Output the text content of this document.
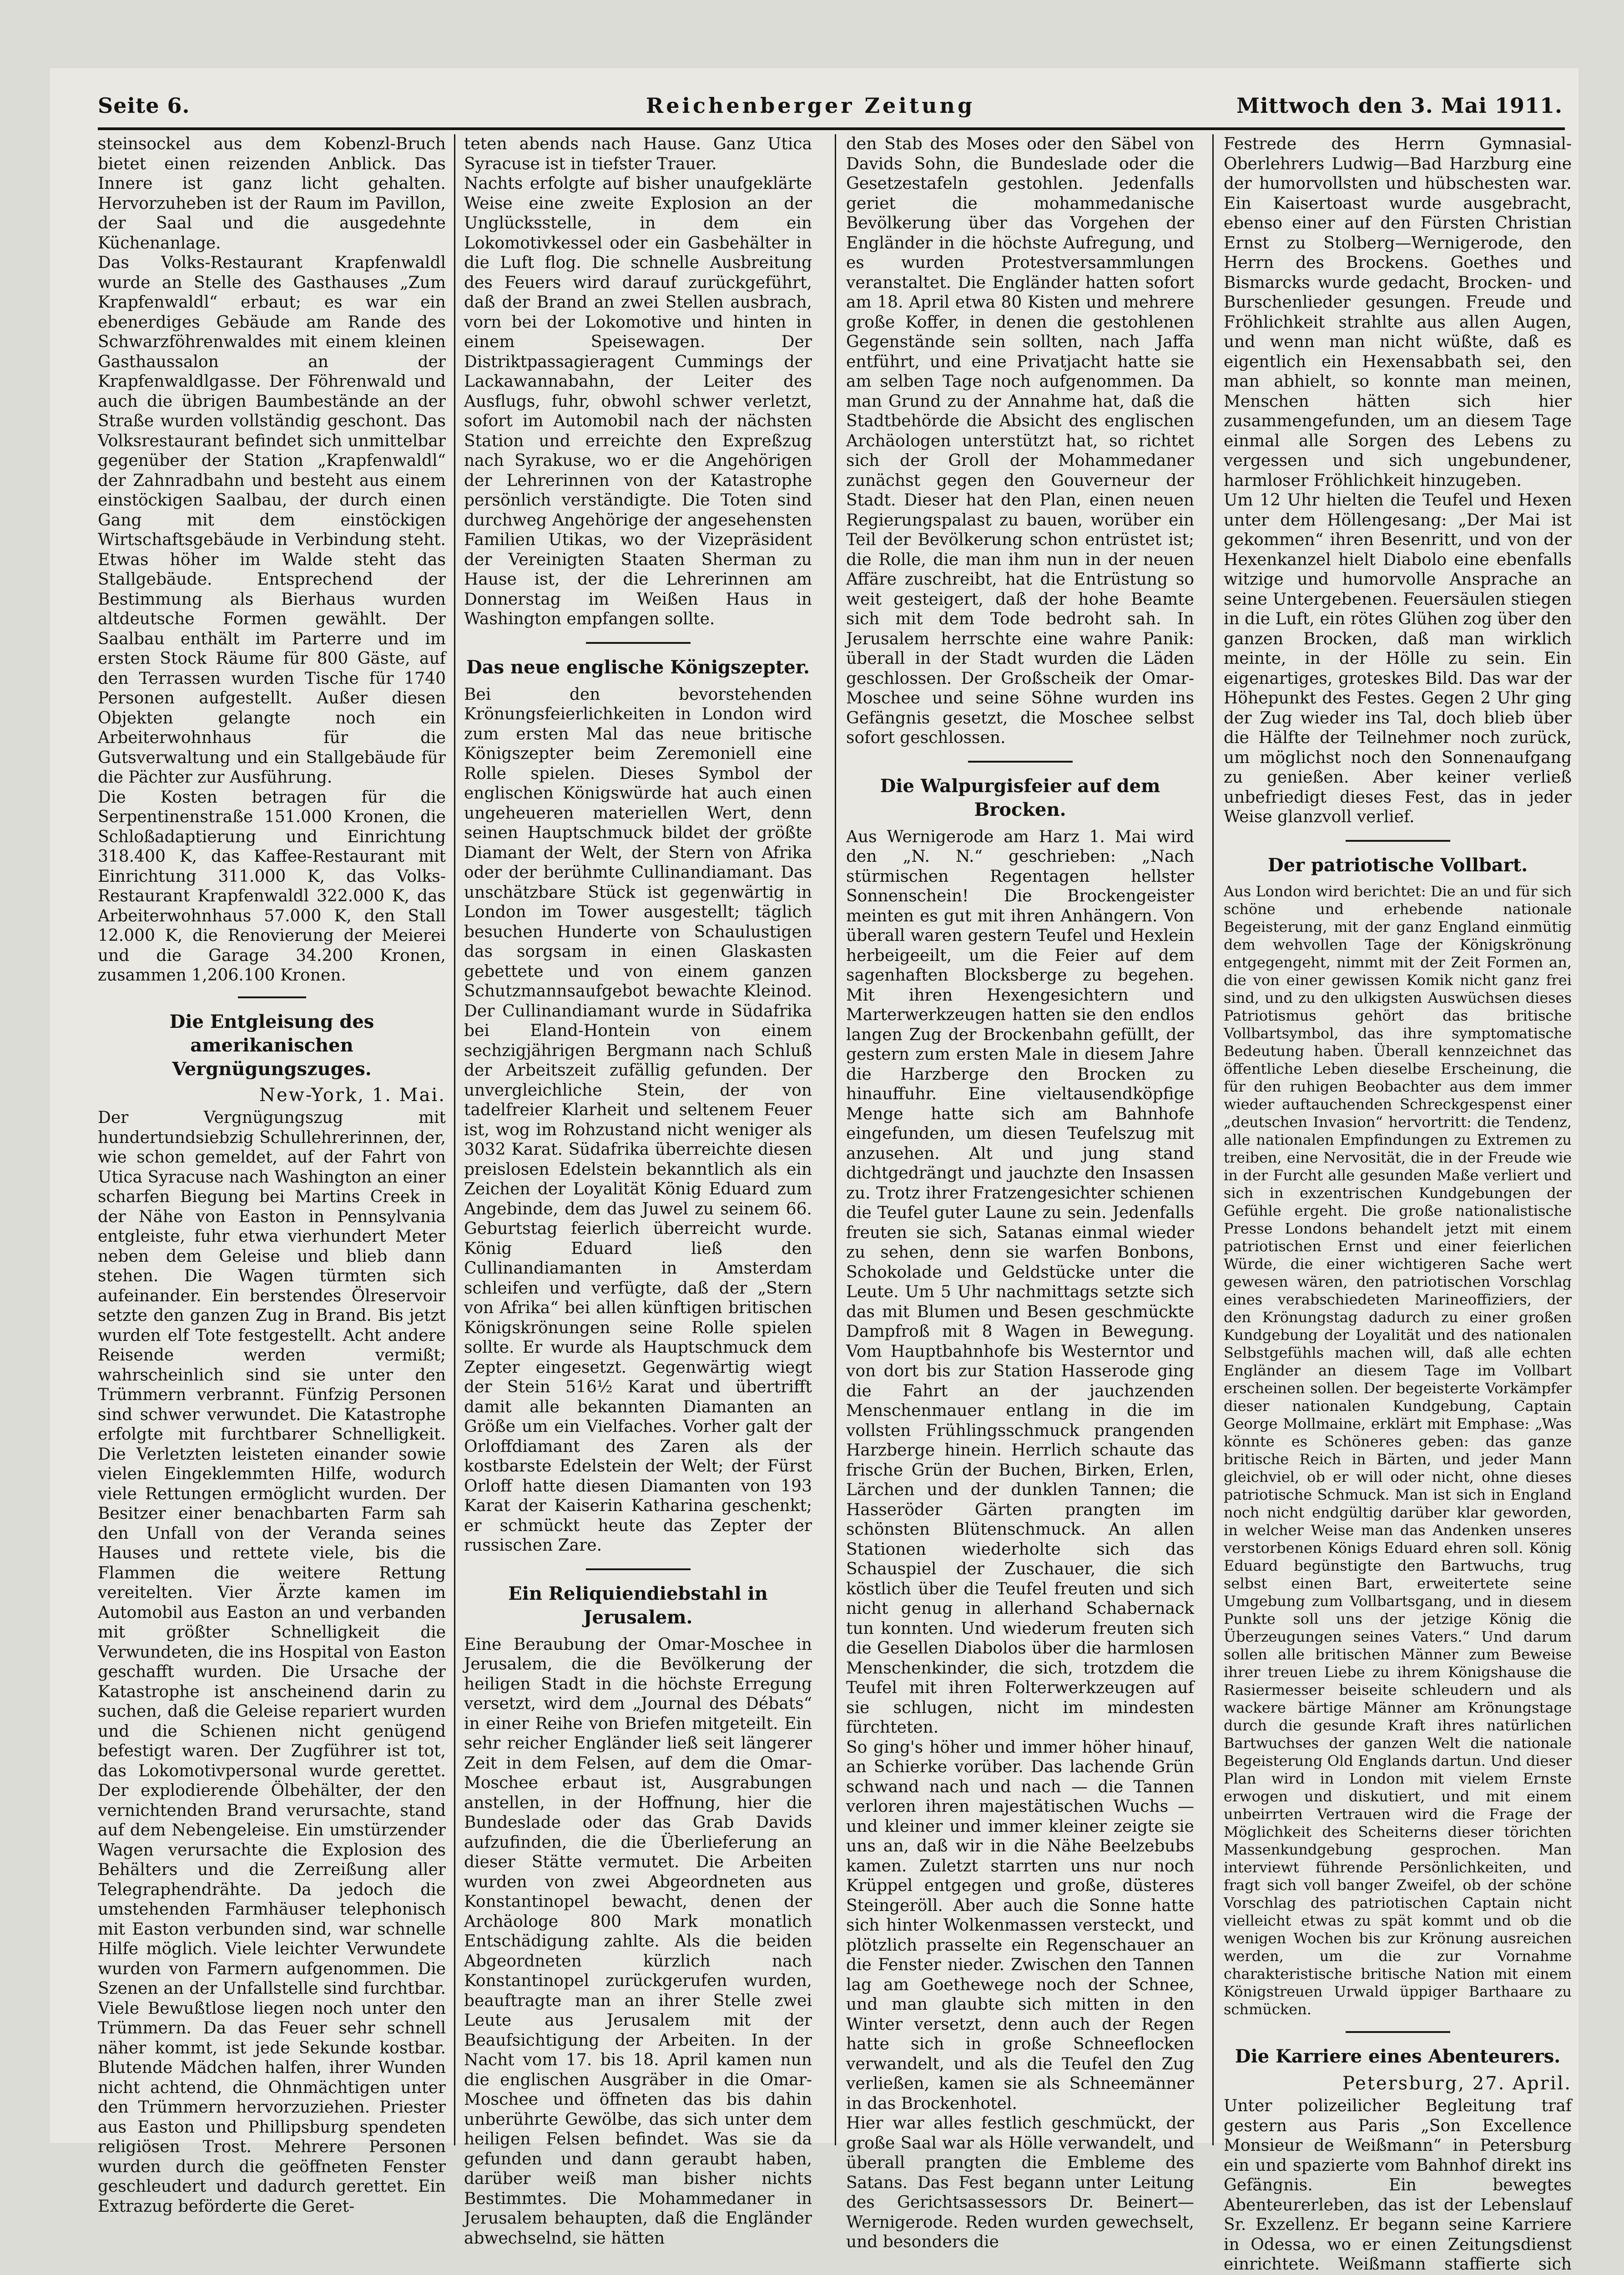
Seite 6.	Reichenberger Zeitung	Mittwoch den 3. Mai 1911.

steinsockel aus dem Kobenzl-Bruch bietet einen reizenden Anblick. Das Innere ist ganz licht gehalten. Hervorzuheben ist der Raum im Pavillon, der Saal und die ausgedehnte Küchenanlage.

Das Volks-Restaurant Krapfenwaldl wurde an Stelle des Gasthauses „Zum Krapfenwaldl“ erbaut; es war ein ebenerdiges Gebäude am Rande des Schwarzföhrenwaldes mit einem kleinen Gasthaussalon an der Krapfenwaldlgasse. Der Föhrenwald und auch die übrigen Baumbestände an der Straße wurden vollständig geschont. Das Volksrestaurant befindet sich unmittelbar gegenüber der Station „Krapfenwaldl“ der Zahnradbahn und besteht aus einem einstöckigen Saalbau, der durch einen Gang mit dem einstöckigen Wirtschaftsgebäude in Verbindung steht. Etwas höher im Walde steht das Stallgebäude. Entsprechend der Bestimmung als Bierhaus wurden altdeutsche Formen gewählt. Der Saalbau enthält im Parterre und im ersten Stock Räume für 800 Gäste, auf den Terrassen wurden Tische für 1740 Personen aufgestellt. Außer diesen Objekten gelangte noch ein Arbeiterwohnhaus für die Gutsverwaltung und ein Stallgebäude für die Pächter zur Ausführung.

Die Kosten betragen für die Serpentinenstraße 151.000 Kronen, die Schloßadaptierung und Einrichtung 318.400 K, das Kaffee-Restaurant mit Einrichtung 311.000 K, das Volks-Restaurant Krapfenwaldl 322.000 K, das Arbeiterwohnhaus 57.000 K, den Stall 12.000 K, die Renovierung der Meierei und die Garage 34.200 Kronen, zusammen 1,206.100 Kronen.

Die Entgleisung des
amerikanischen Vergnügungszuges.
New-York, 1. Mai.

Der Vergnügungszug mit hundertundsiebzig Schullehrerinnen, der, wie schon gemeldet, auf der Fahrt von Utica Syracuse nach Washington an einer scharfen Biegung bei Martins Creek in der Nähe von Easton in Pennsylvania entgleiste, fuhr etwa vierhundert Meter neben dem Geleise und blieb dann stehen. Die Wagen türmten sich aufeinander. Ein berstendes Ölreservoir setzte den ganzen Zug in Brand. Bis jetzt wurden elf Tote festgestellt. Acht andere Reisende werden vermißt; wahrscheinlich sind sie unter den Trümmern verbrannt. Fünfzig Personen sind schwer verwundet. Die Katastrophe erfolgte mit furchtbarer Schnelligkeit. Die Verletzten leisteten einander sowie vielen Eingeklemmten Hilfe, wodurch viele Rettungen ermöglicht wurden. Der Besitzer einer benachbarten Farm sah den Unfall von der Veranda seines Hauses und rettete viele, bis die Flammen die weitere Rettung vereitelten. Vier Ärzte kamen im Automobil aus Easton an und verbanden mit größter Schnelligkeit die Verwundeten, die ins Hospital von Easton geschafft wurden. Die Ursache der Katastrophe ist anscheinend darin zu suchen, daß die Geleise repariert wurden und die Schienen nicht genügend befestigt waren. Der Zugführer ist tot, das Lokomotivpersonal wurde gerettet. Der explodierende Ölbehälter, der den vernichtenden Brand verursachte, stand auf dem Nebengeleise. Ein umstürzender Wagen verursachte die Explosion des Behälters und die Zerreißung aller Telegraphendrähte. Da jedoch die umstehenden Farmhäuser telephonisch mit Easton verbunden sind, war schnelle Hilfe möglich. Viele leichter Verwundete wurden von Farmern aufgenommen. Die Szenen an der Unfallstelle sind furchtbar. Viele Bewußtlose liegen noch unter den Trümmern. Da das Feuer sehr schnell näher kommt, ist jede Sekunde kostbar. Blutende Mädchen halfen, ihrer Wunden nicht achtend, die Ohnmächtigen unter den Trümmern hervorzuziehen. Priester aus Easton und Phillipsburg spendeten religiösen Trost. Mehrere Personen wurden durch die geöffneten Fenster geschleudert und dadurch gerettet. Ein Extrazug beförderte die Geret-

teten abends nach Hause. Ganz Utica Syracuse ist in tiefster Trauer.

Nachts erfolgte auf bisher unaufgeklärte Weise eine zweite Explosion an der Unglücksstelle, in dem ein Lokomotivkessel oder ein Gasbehälter in die Luft flog. Die schnelle Ausbreitung des Feuers wird darauf zurückgeführt, daß der Brand an zwei Stellen ausbrach, vorn bei der Lokomotive und hinten in einem Speisewagen. Der Distriktpassagieragent Cummings der Lackawannabahn, der Leiter des Ausflugs, fuhr, obwohl schwer verletzt, sofort im Automobil nach der nächsten Station und erreichte den Expreßzug nach Syrakuse, wo er die Angehörigen der Lehrerinnen von der Katastrophe persönlich verständigte. Die Toten sind durchweg Angehörige der angesehensten Familien Utikas, wo der Vizepräsident der Vereinigten Staaten Sherman zu Hause ist, der die Lehrerinnen am Donnerstag im Weißen Haus in Washington empfangen sollte.

Das neue englische Königszepter.

Bei den bevorstehenden Krönungsfeierlichkeiten in London wird zum ersten Mal das neue britische Königszepter beim Zeremoniell eine Rolle spielen. Dieses Symbol der englischen Königswürde hat auch einen ungeheueren materiellen Wert, denn seinen Hauptschmuck bildet der größte Diamant der Welt, der Stern von Afrika oder der berühmte Cullinandiamant. Das unschätzbare Stück ist gegenwärtig in London im Tower ausgestellt; täglich besuchen Hunderte von Schaulustigen das sorgsam in einen Glaskasten gebettete und von einem ganzen Schutzmannsaufgebot bewachte Kleinod. Der Cullinandiamant wurde in Südafrika bei Eland-Hontein von einem sechzigjährigen Bergmann nach Schluß der Arbeitszeit zufällig gefunden. Der unvergleichliche Stein, der von tadelfreier Klarheit und seltenem Feuer ist, wog im Rohzustand nicht weniger als 3032 Karat. Südafrika überreichte diesen preislosen Edelstein bekanntlich als ein Zeichen der Loyalität König Eduard zum Angebinde, dem das Juwel zu seinem 66. Geburtstag feierlich überreicht wurde. König Eduard ließ den Cullinandiamanten in Amsterdam schleifen und verfügte, daß der „Stern von Afrika“ bei allen künftigen britischen Königskrönungen seine Rolle spielen sollte. Er wurde als Hauptschmuck dem Zepter eingesetzt. Gegenwärtig wiegt der Stein 516½ Karat und übertrifft damit alle bekannten Diamanten an Größe um ein Vielfaches. Vorher galt der Orloffdiamant des Zaren als der kostbarste Edelstein der Welt; der Fürst Orloff hatte diesen Diamanten von 193 Karat der Kaiserin Katharina geschenkt; er schmückt heute das Zepter der russischen Zare.

Ein Reliquiendiebstahl in Jerusalem.

Eine Beraubung der Omar-Moschee in Jerusalem, die die Bevölkerung der heiligen Stadt in die höchste Erregung versetzt, wird dem „Journal des Débats“ in einer Reihe von Briefen mitgeteilt. Ein sehr reicher Engländer ließ seit längerer Zeit in dem Felsen, auf dem die Omar-Moschee erbaut ist, Ausgrabungen anstellen, in der Hoffnung, hier die Bundeslade oder das Grab Davids aufzufinden, die die Überlieferung an dieser Stätte vermutet. Die Arbeiten wurden von zwei Abgeordneten aus Konstantinopel bewacht, denen der Archäologe 800 Mark monatlich Entschädigung zahlte. Als die beiden Abgeordneten kürzlich nach Konstantinopel zurückgerufen wurden, beauftragte man an ihrer Stelle zwei Leute aus Jerusalem mit der Beaufsichtigung der Arbeiten. In der Nacht vom 17. bis 18. April kamen nun die englischen Ausgräber in die Omar-Moschee und öffneten das bis dahin unberührte Gewölbe, das sich unter dem heiligen Felsen befindet. Was sie da gefunden und dann geraubt haben, darüber weiß man bisher nichts Bestimmtes. Die Mohammedaner in Jerusalem behaupten, daß die Engländer abwechselnd, sie hätten

den Stab des Moses oder den Säbel von Davids Sohn, die Bundeslade oder die Gesetzestafeln gestohlen. Jedenfalls geriet die mohammedanische Bevölkerung über das Vorgehen der Engländer in die höchste Aufregung, und es wurden Protestversammlungen veranstaltet. Die Engländer hatten sofort am 18. April etwa 80 Kisten und mehrere große Koffer, in denen die gestohlenen Gegenstände sein sollten, nach Jaffa entführt, und eine Privatjacht hatte sie am selben Tage noch aufgenommen. Da man Grund zu der Annahme hat, daß die Stadtbehörde die Absicht des englischen Archäologen unterstützt hat, so richtet sich der Groll der Mohammedaner zunächst gegen den Gouverneur der Stadt. Dieser hat den Plan, einen neuen Regierungspalast zu bauen, worüber ein Teil der Bevölkerung schon entrüstet ist; die Rolle, die man ihm nun in der neuen Affäre zuschreibt, hat die Entrüstung so weit gesteigert, daß der hohe Beamte sich mit dem Tode bedroht sah. In Jerusalem herrschte eine wahre Panik: überall in der Stadt wurden die Läden geschlossen. Der Großscheik der Omar-Moschee und seine Söhne wurden ins Gefängnis gesetzt, die Moschee selbst sofort geschlossen.

Die Walpurgisfeier auf dem Brocken.

Aus Wernigerode am Harz 1. Mai wird den „N. N.“ geschrieben: „Nach stürmischen Regentagen hellster Sonnenschein! Die Brockengeister meinten es gut mit ihren Anhängern. Von überall waren gestern Teufel und Hexlein herbeigeeilt, um die Feier auf dem sagenhaften Blocksberge zu begehen. Mit ihren Hexengesichtern und Marterwerkzeugen hatten sie den endlos langen Zug der Brockenbahn gefüllt, der gestern zum ersten Male in diesem Jahre die Harzberge den Brocken zu hinauffuhr. Eine vieltausendköpfige Menge hatte sich am Bahnhofe eingefunden, um diesen Teufelszug mit anzusehen. Alt und jung stand dichtgedrängt und jauchzte den Insassen zu. Trotz ihrer Fratzengesichter schienen die Teufel guter Laune zu sein. Jedenfalls freuten sie sich, Satanas einmal wieder zu sehen, denn sie warfen Bonbons, Schokolade und Geldstücke unter die Leute. Um 5 Uhr nachmittags setzte sich das mit Blumen und Besen geschmückte Dampfroß mit 8 Wagen in Bewegung. Vom Hauptbahnhofe bis Westerntor und von dort bis zur Station Hasserode ging die Fahrt an der jauchzenden Menschenmauer entlang in die im vollsten Frühlingsschmuck prangenden Harzberge hinein. Herrlich schaute das frische Grün der Buchen, Birken, Erlen, Lärchen und der dunklen Tannen; die Hasseröder Gärten prangten im schönsten Blütenschmuck. An allen Stationen wiederholte sich das Schauspiel der Zuschauer, die sich köstlich über die Teufel freuten und sich nicht genug in allerhand Schabernack tun konnten. Und wiederum freuten sich die Gesellen Diabolos über die harmlosen Menschenkinder, die sich, trotzdem die Teufel mit ihren Folterwerkzeugen auf sie schlugen, nicht im mindesten fürchteten.

So ging's höher und immer höher hinauf, an Schierke vorüber. Das lachende Grün schwand nach und nach — die Tannen verloren ihren majestätischen Wuchs — und kleiner und immer kleiner zeigte sie uns an, daß wir in die Nähe Beelzebubs kamen. Zuletzt starrten uns nur noch Krüppel entgegen und große, düsteres Steingeröll. Aber auch die Sonne hatte sich hinter Wolkenmassen versteckt, und plötzlich prasselte ein Regenschauer an die Fenster nieder. Zwischen den Tannen lag am Goethewege noch der Schnee, und man glaubte sich mitten in den Winter versetzt, denn auch der Regen hatte sich in große Schneeflocken verwandelt, und als die Teufel den Zug verließen, kamen sie als Schneemänner in das Brockenhotel.

Hier war alles festlich geschmückt, der große Saal war als Hölle verwandelt, und überall prangten die Embleme des Satans. Das Fest begann unter Leitung des Gerichtsassessors Dr. Beinert—Wernigerode. Reden wurden gewechselt, und besonders die

Festrede des Herrn Gymnasial-Oberlehrers Ludwig—Bad Harzburg eine der humorvollsten und hübschesten war. Ein Kaisertoast wurde ausgebracht, ebenso einer auf den Fürsten Christian Ernst zu Stolberg—Wernigerode, den Herrn des Brockens. Goethes und Bismarcks wurde gedacht, Brocken- und Burschenlieder gesungen. Freude und Fröhlichkeit strahlte aus allen Augen, und wenn man nicht wüßte, daß es eigentlich ein Hexensabbath sei, den man abhielt, so konnte man meinen, Menschen hätten sich hier zusammengefunden, um an diesem Tage einmal alle Sorgen des Lebens zu vergessen und sich ungebundener, harmloser Fröhlichkeit hinzugeben.

Um 12 Uhr hielten die Teufel und Hexen unter dem Höllengesang: „Der Mai ist gekommen“ ihren Besenritt, und von der Hexenkanzel hielt Diabolo eine ebenfalls witzige und humorvolle Ansprache an seine Untergebenen. Feuersäulen stiegen in die Luft, ein rötes Glühen zog über den ganzen Brocken, daß man wirklich meinte, in der Hölle zu sein. Ein eigenartiges, groteskes Bild. Das war der Höhepunkt des Festes. Gegen 2 Uhr ging der Zug wieder ins Tal, doch blieb über die Hälfte der Teilnehmer noch zurück, um möglichst noch den Sonnenaufgang zu genießen. Aber keiner verließ unbefriedigt dieses Fest, das in jeder Weise glanzvoll verlief.

Der patriotische Vollbart.

Aus London wird berichtet: Die an und für sich schöne und erhebende nationale Begeisterung, mit der ganz England einmütig dem wehvollen Tage der Königskrönung entgegengeht, nimmt mit der Zeit Formen an, die von einer gewissen Komik nicht ganz frei sind, und zu den ulkigsten Auswüchsen dieses Patriotismus gehört das britische Vollbartsymbol, das ihre symptomatische Bedeutung haben. Überall kennzeichnet das öffentliche Leben dieselbe Erscheinung, die für den ruhigen Beobachter aus dem immer wieder auftauchenden Schreckgespenst einer „deutschen Invasion“ hervortritt: die Tendenz, alle nationalen Empfindungen zu Extremen zu treiben, eine Nervosität, die in der Freude wie in der Furcht alle gesunden Maße verliert und sich in exzentrischen Kundgebungen der Gefühle ergeht. Die große nationalistische Presse Londons behandelt jetzt mit einem patriotischen Ernst und einer feierlichen Würde, die einer wichtigeren Sache wert gewesen wären, den patriotischen Vorschlag eines verabschiedeten Marineoffiziers, der den Krönungstag dadurch zu einer großen Kundgebung der Loyalität und des nationalen Selbstgefühls machen will, daß alle echten Engländer an diesem Tage im Vollbart erscheinen sollen. Der begeisterte Vorkämpfer dieser nationalen Kundgebung, Captain George Mollmaine, erklärt mit Emphase: „Was könnte es Schöneres geben: das ganze britische Reich in Bärten, und jeder Mann gleichviel, ob er will oder nicht, ohne dieses patriotische Schmuck. Man ist sich in England noch nicht endgültig darüber klar geworden, in welcher Weise man das Andenken unseres verstorbenen Königs Eduard ehren soll. König Eduard begünstigte den Bartwuchs, trug selbst einen Bart, erweitertete seine Umgebung zum Vollbartsgang, und in diesem Punkte soll uns der jetzige König die Überzeugungen seines Vaters.“ Und darum sollen alle britischen Männer zum Beweise ihrer treuen Liebe zu ihrem Königshause die Rasiermesser beiseite schleudern und als wackere bärtige Männer am Krönungstage durch die gesunde Kraft ihres natürlichen Bartwuchses der ganzen Welt die nationale Begeisterung Old Englands dartun. Und dieser Plan wird in London mit vielem Ernste erwogen und diskutiert, und mit einem unbeirrten Vertrauen wird die Frage der Möglichkeit des Scheiterns dieser törichten Massenkundgebung gesprochen. Man interviewt führende Persönlichkeiten, und fragt sich voll banger Zweifel, ob der schöne Vorschlag des patriotischen Captain nicht vielleicht etwas zu spät kommt und ob die wenigen Wochen bis zur Krönung ausreichen werden, um die zur Vornahme charakteristische britische Nation mit einem Königstreuen Urwald üppiger Barthaare zu schmücken.

Die Karriere eines Abenteurers.
Petersburg, 27. April.

Unter polizeilicher Begleitung traf gestern aus Paris „Son Excellence Monsieur de Weißmann“ in Petersburg ein und spazierte vom Bahnhof direkt ins Gefängnis. Ein bewegtes Abenteurerleben, das ist der Lebenslauf Sr. Exzellenz. Er begann seine Karriere in Odessa, wo er einen Zeitungsdienst einrichtete. Weißmann staffierte sich
